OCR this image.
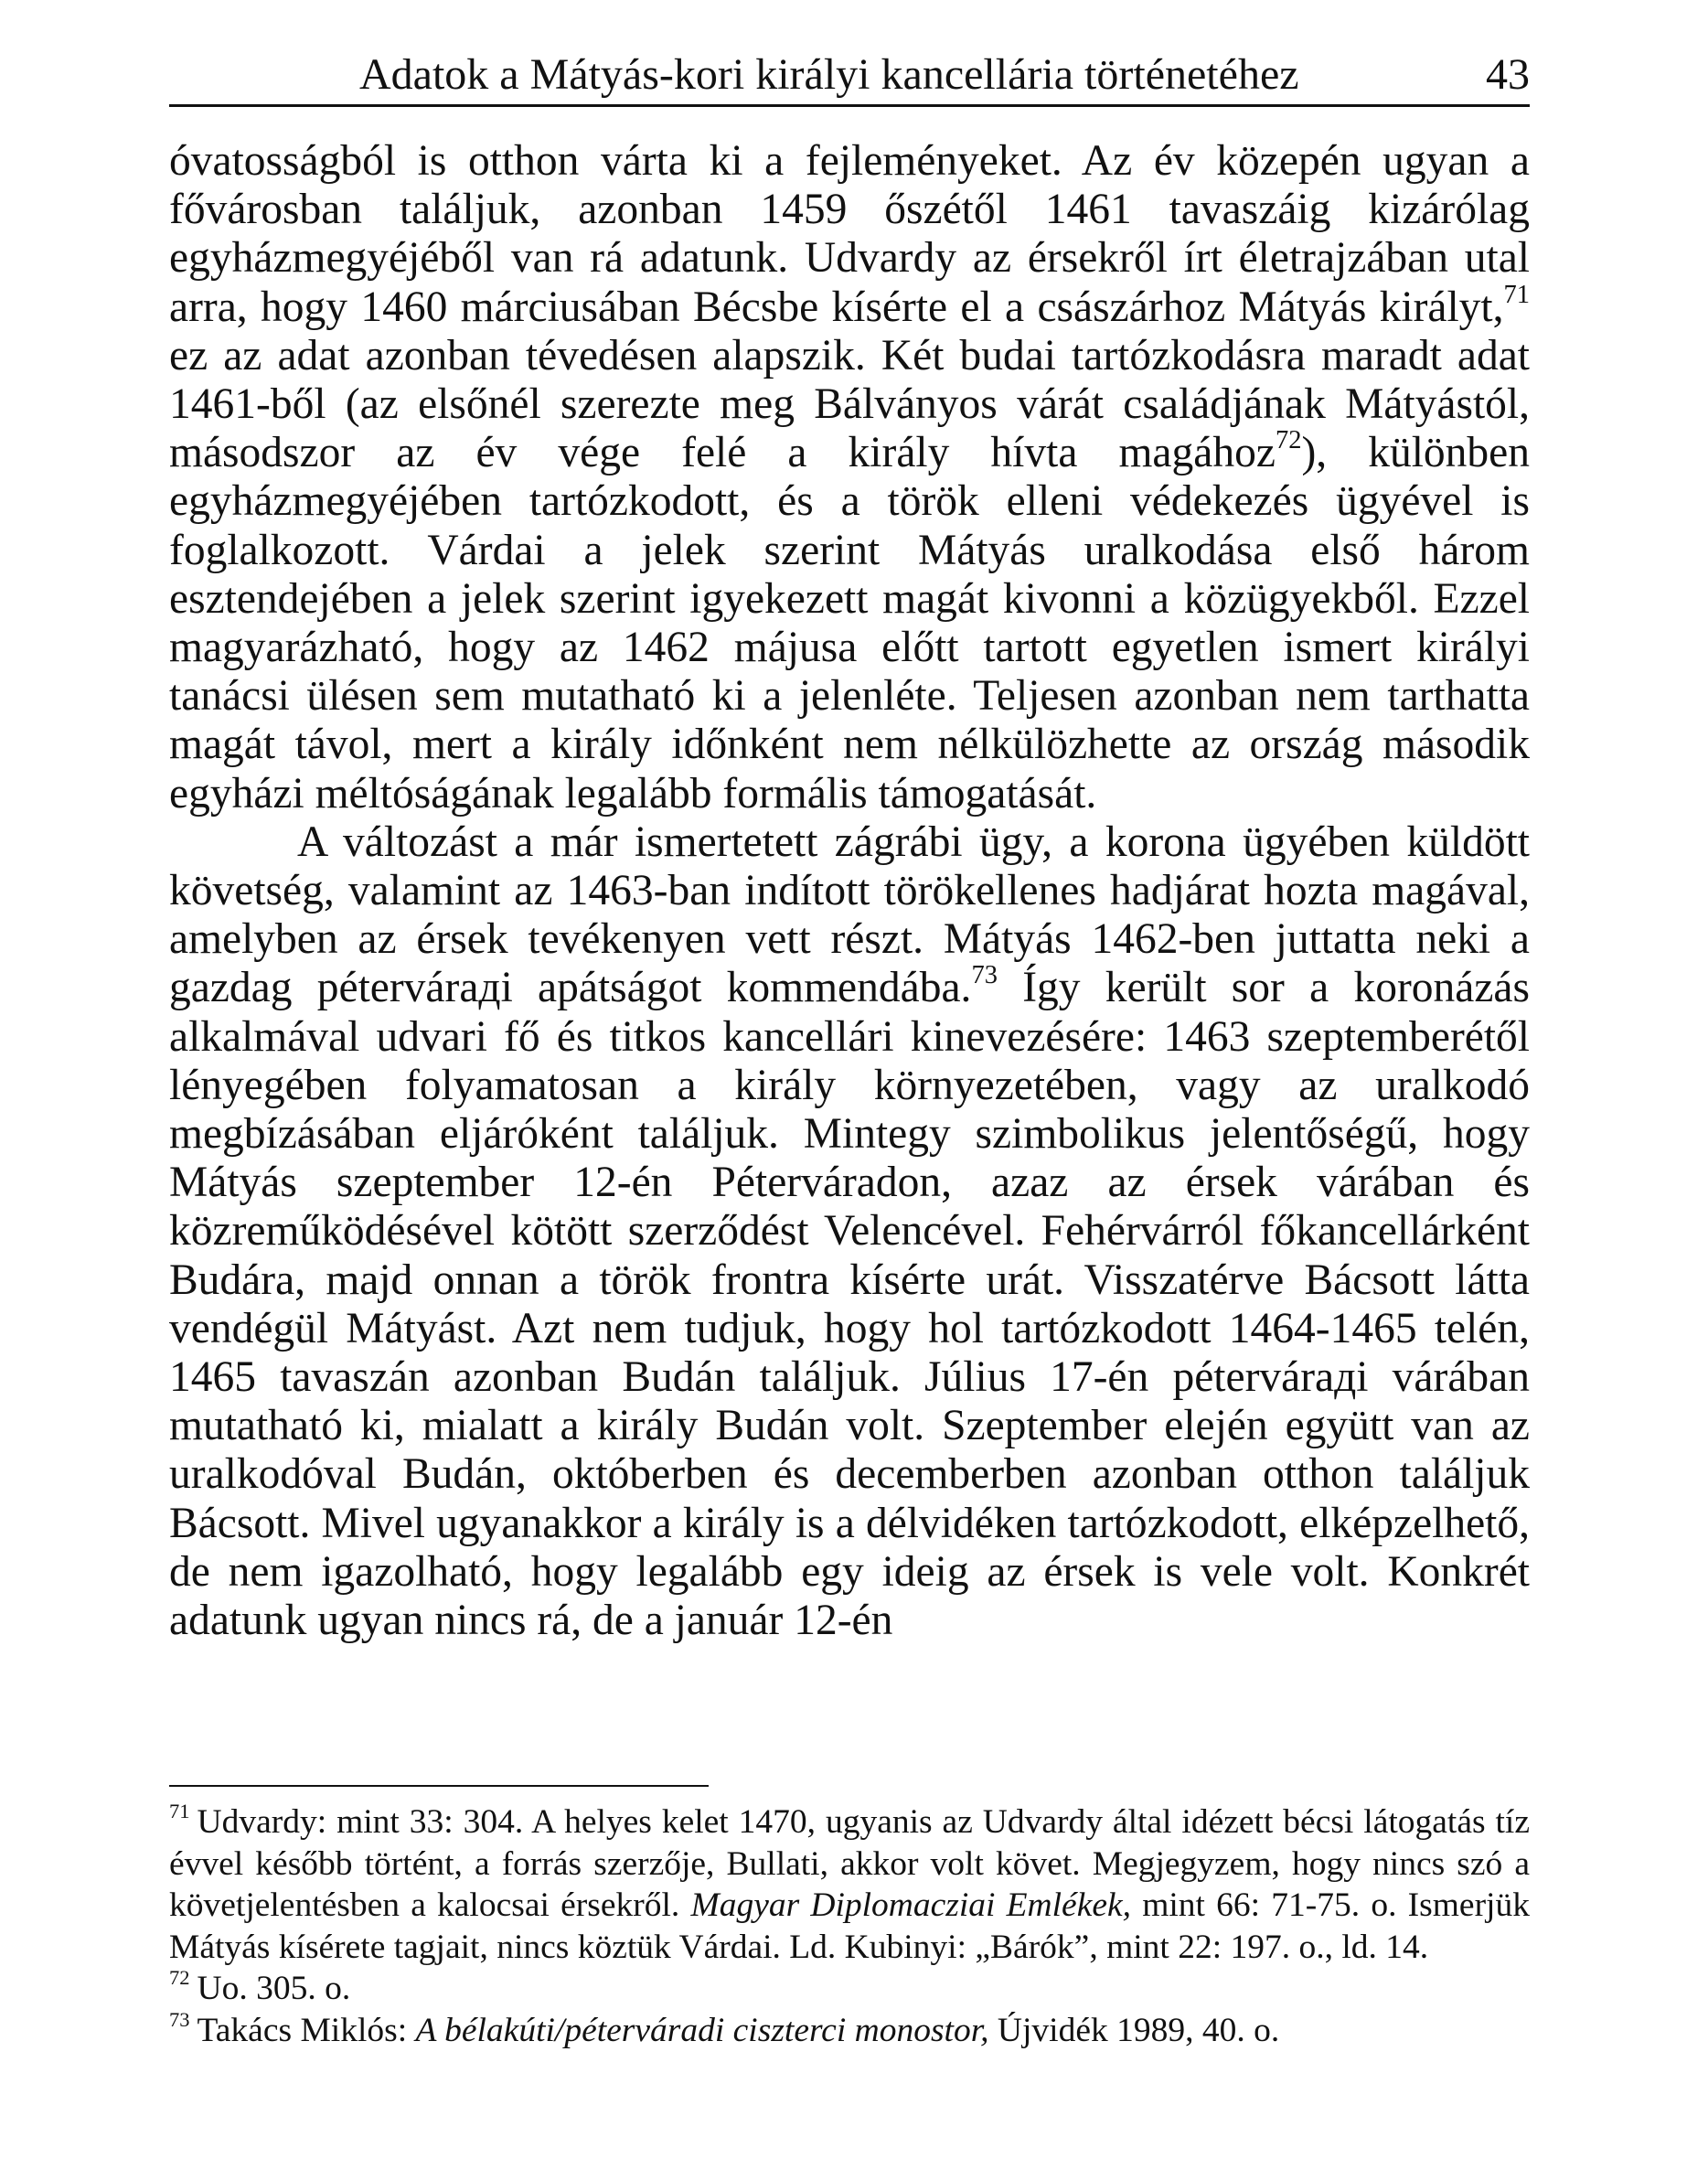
Adatok a Mátyás-kori királyi kancellária történetéhez	43

óvatosságból is otthon várta ki a fejleményeket. Az év közepén ugyan a fővárosban találjuk, azonban 1459 őszétől 1461 tavaszáig kizárólag egyházmegyéjéből van rá adatunk. Udvardy az érsekről írt életrajzában utal arra, hogy 1460 márciusában Bécsbe kísérte el a császárhoz Mátyás királyt,$^{71}$ ez az adat azonban tévedésen alapszik. Két budai tartózkodásra maradt adat 1461-ből (az elsőnél szerezte meg Bálványos várát családjának Mátyástól, másodszor az év vége felé a király hívta magához$^{72}$), különben egyházmegyéjében tartózkodott, és a török elleni védekezés ügyével is foglalkozott. Várdai a jelek szerint Mátyás uralkodása első három esztendejében a jelek szerint igyekezett magát kivonni a közügyekből. Ezzel magyarázható, hogy az 1462 májusa előtt tartott egyetlen ismert királyi tanácsi ülésen sem mutatható ki a jelenléte. Teljesen azonban nem tarthatta magát távol, mert a király időnként nem nélkülözhette az ország második egyházi méltóságának legalább formális támogatását.

A változást a már ismertetett zágrábi ügy, a korona ügyében küldött követség, valamint az 1463-ban indított törökellenes hadjárat hozta magával, amelyben az érsek tevékenyen vett részt. Mátyás 1462-ben juttatta neki a gazdag pétervárадi apátságot kommendába.$^{73}$ Így került sor a koronázás alkalmával udvari fő és titkos kancellári kinevezésére: 1463 szeptemberétől lényegében folyamatosan a király környezetében, vagy az uralkodó megbízásában eljáróként találjuk. Mintegy szimbolikus jelentőségű, hogy Mátyás szeptember 12-én Péterváradon, azaz az érsek várában és közreműködésével kötött szerződést Velencével. Fehérvárról főkancellárként Budára, majd onnan a török frontra kísérte urát. Visszatérve Bácsott látta vendégül Mátyást. Azt nem tudjuk, hogy hol tartózkodott 1464-1465 telén, 1465 tavaszán azonban Budán találjuk. Július 17-én pétervárадi várában mutatható ki, mialatt a király Budán volt. Szeptember elején együtt van az uralkodóval Budán, októberben és decemberben azonban otthon találjuk Bácsott. Mivel ugyanakkor a király is a délvidéken tartózkodott, elképzelhető, de nem igazolható, hogy legalább egy ideig az érsek is vele volt. Konkrét adatunk ugyan nincs rá, de a január 12-én

$^{71}$ Udvardy: mint 33: 304. A helyes kelet 1470, ugyanis az Udvardy által idézett bécsi látogatás tíz évvel később történt, a forrás szerzője, Bullati, akkor volt követ. Megjegyzem, hogy nincs szó a követjelentésben a kalocsai érsekről. Magyar Diplomacziai Emlékek, mint 66: 71-75. o. Ismerjük Mátyás kísérete tagjait, nincs köztük Várdai. Ld. Kubinyi: „Bárók”, mint 22: 197. o., ld. 14.

$^{72}$ Uo. 305. o.

$^{73}$ Takács Miklós: A bélakúti/péterváradi ciszterci monostor, Újvidék 1989, 40. o.
